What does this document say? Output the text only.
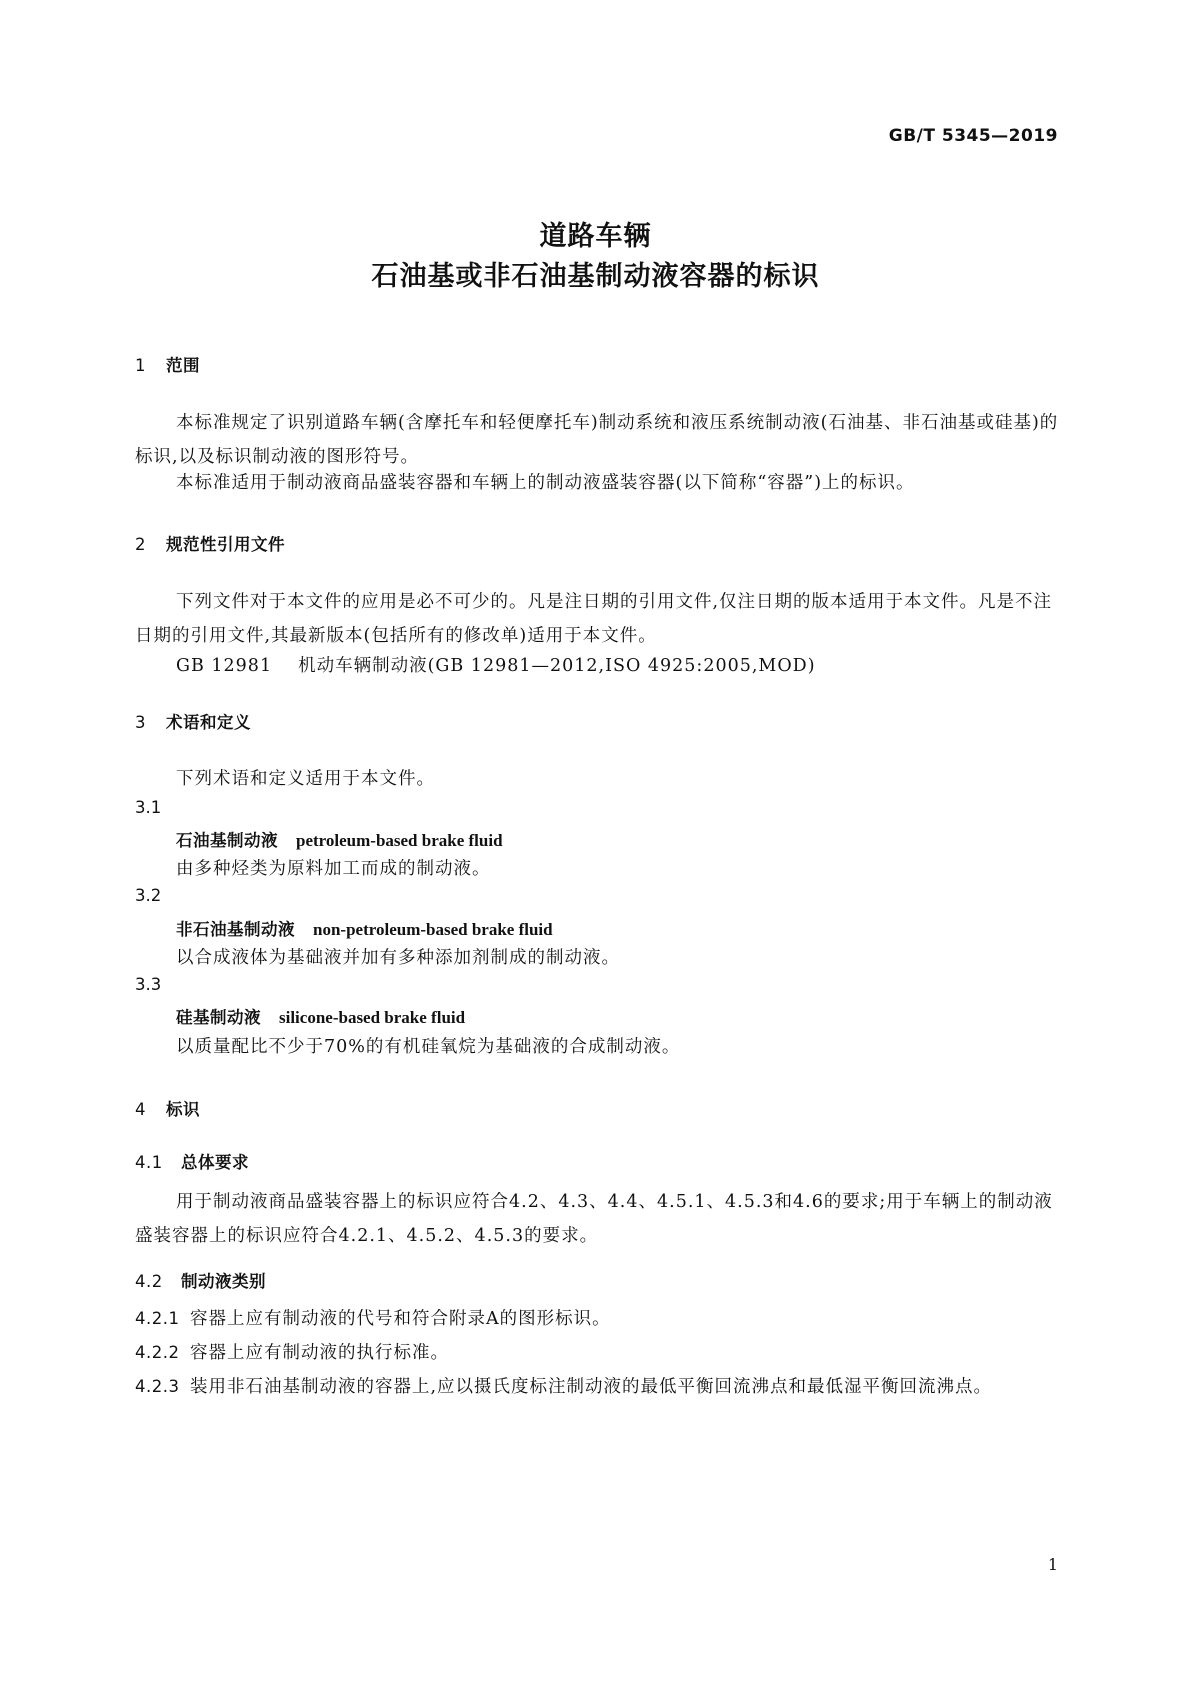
GB/T 5345—2019
道路车辆
石油基或非石油基制动液容器的标识
1 范围
本标准规定了识别道路车辆(含摩托车和轻便摩托车)制动系统和液压系统制动液(石油基、非石油基或硅基)的标识,以及标识制动液的图形符号。
本标准适用于制动液商品盛装容器和车辆上的制动液盛装容器(以下简称“容器”)上的标识。
2 规范性引用文件
下列文件对于本文件的应用是必不可少的。凡是注日期的引用文件,仅注日期的版本适用于本文件。凡是不注日期的引用文件,其最新版本(包括所有的修改单)适用于本文件。
GB 12981 机动车辆制动液(GB 12981—2012,ISO 4925:2005,MOD)
3 术语和定义
下列术语和定义适用于本文件。
3.1
石油基制动液 petroleum-based brake fluid
由多种烃类为原料加工而成的制动液。
3.2
非石油基制动液 non-petroleum-based brake fluid
以合成液体为基础液并加有多种添加剂制成的制动液。
3.3
硅基制动液 silicone-based brake fluid
以质量配比不少于70%的有机硅氧烷为基础液的合成制动液。
4 标识
4.1 总体要求
用于制动液商品盛装容器上的标识应符合4.2、4.3、4.4、4.5.1、4.5.3和4.6的要求;用于车辆上的制动液盛装容器上的标识应符合4.2.1、4.5.2、4.5.3的要求。
4.2 制动液类别
4.2.1 容器上应有制动液的代号和符合附录A的图形标识。
4.2.2 容器上应有制动液的执行标准。
4.2.3 装用非石油基制动液的容器上,应以摄氏度标注制动液的最低平衡回流沸点和最低湿平衡回流沸点。
1
